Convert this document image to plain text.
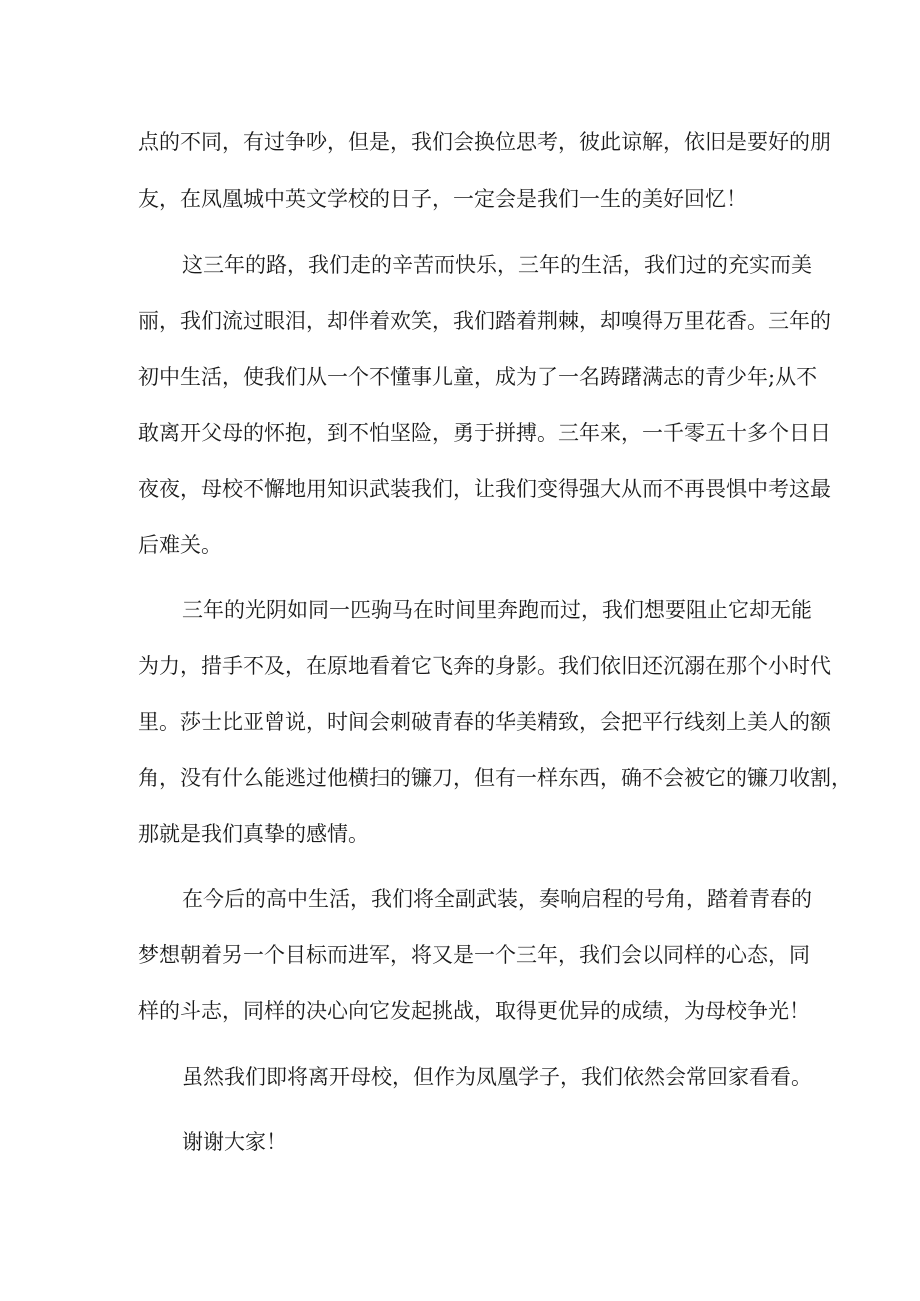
点的不同，有过争吵，但是，我们会换位思考，彼此谅解，依旧是要好的朋
友，在凤凰城中英文学校的日子，一定会是我们一生的美好回忆！
这三年的路，我们走的辛苦而快乐，三年的生活，我们过的充实而美
丽，我们流过眼泪，却伴着欢笑，我们踏着荆棘，却嗅得万里花香。三年的
初中生活，使我们从一个不懂事儿童，成为了一名踌躇满志的青少年;从不
敢离开父母的怀抱，到不怕坚险，勇于拼搏。三年来，一千零五十多个日日
夜夜，母校不懈地用知识武装我们，让我们变得强大从而不再畏惧中考这最
后难关。
三年的光阴如同一匹驹马在时间里奔跑而过，我们想要阻止它却无能
为力，措手不及，在原地看着它飞奔的身影。我们依旧还沉溺在那个小时代
里。莎士比亚曾说，时间会刺破青春的华美精致，会把平行线刻上美人的额
角，没有什么能逃过他横扫的镰刀，但有一样东西，确不会被它的镰刀收割，
那就是我们真挚的感情。
在今后的高中生活，我们将全副武装，奏响启程的号角，踏着青春的
梦想朝着另一个目标而进军，将又是一个三年，我们会以同样的心态，同
样的斗志，同样的决心向它发起挑战，取得更优异的成绩，为母校争光！
虽然我们即将离开母校，但作为凤凰学子，我们依然会常回家看看。
谢谢大家！
